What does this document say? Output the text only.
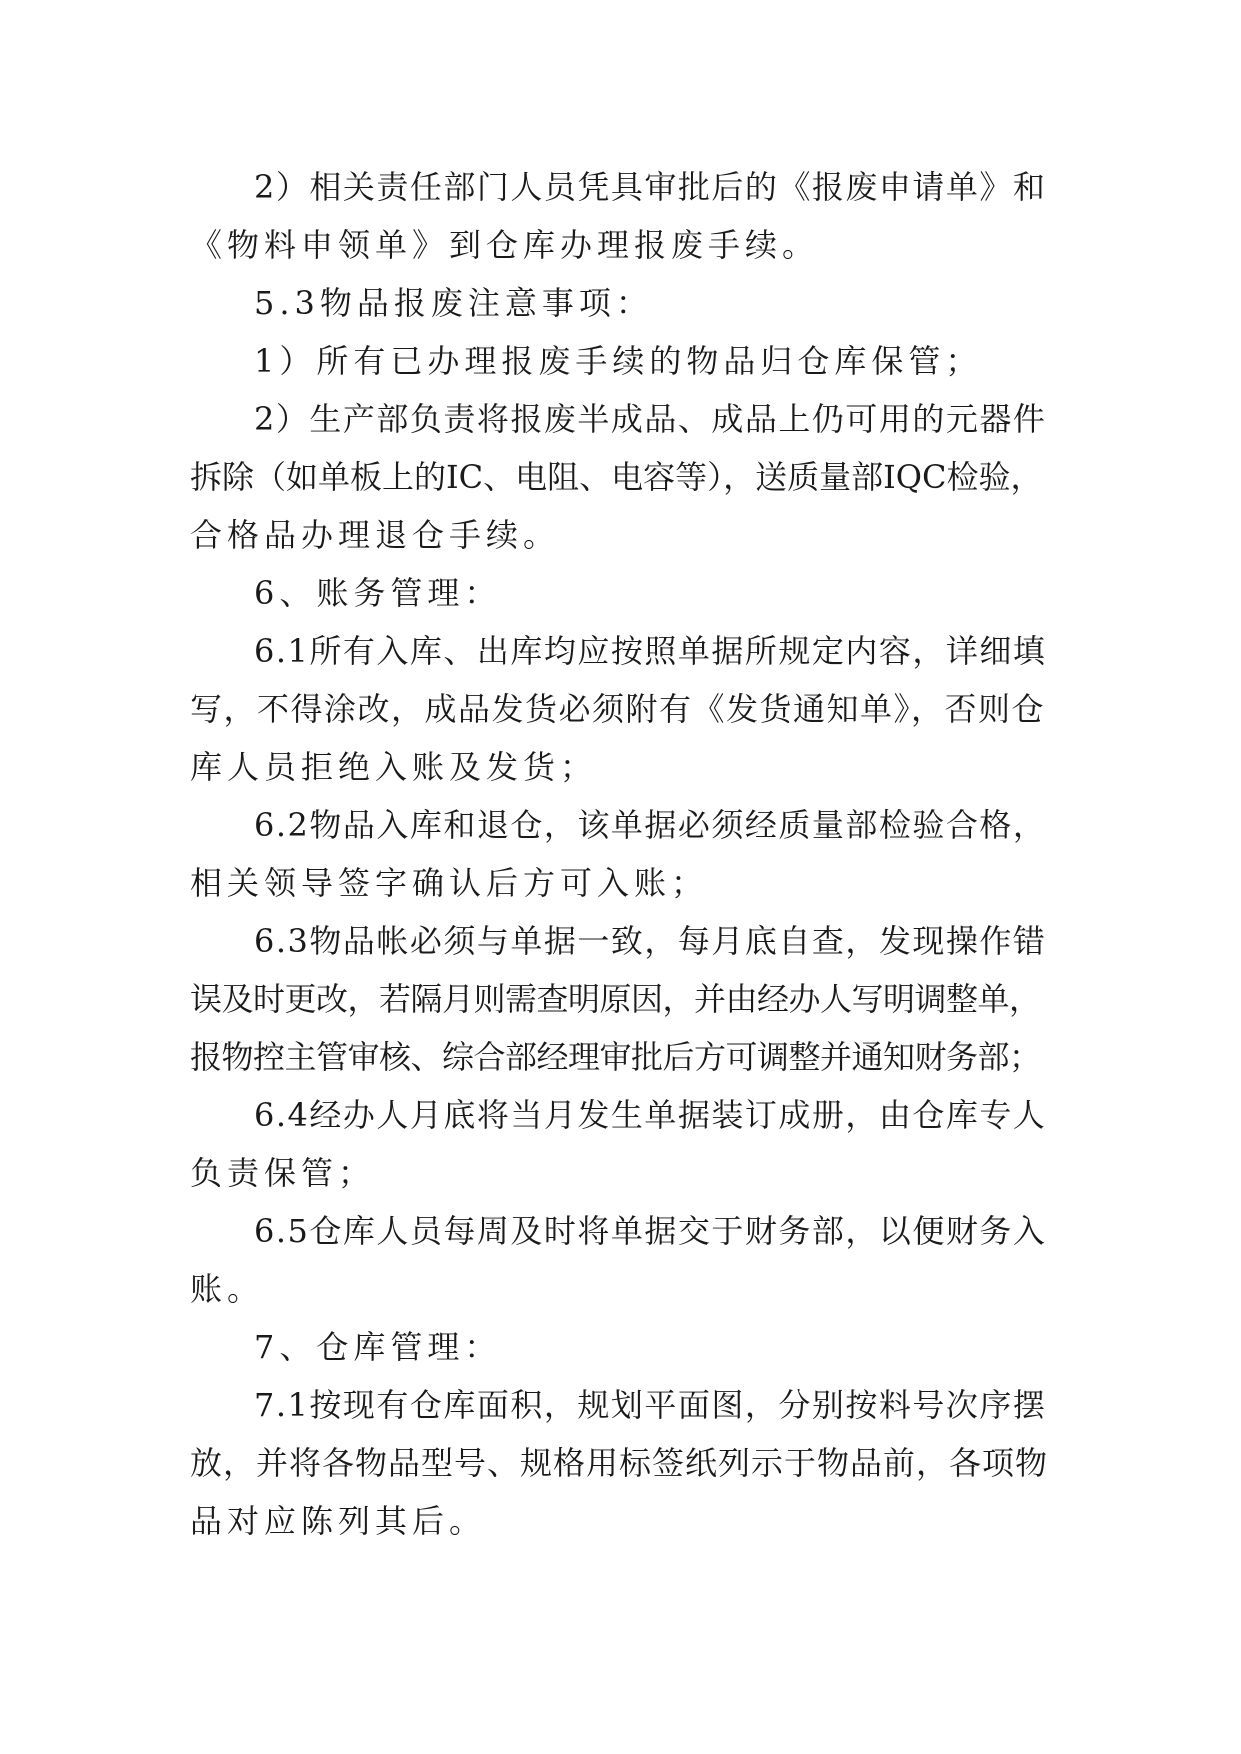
2）相关责任部门人员凭具审批后的《报废申请单》和
《物料申领单》到仓库办理报废手续。
5.3物品报废注意事项：
1）所有已办理报废手续的物品归仓库保管；
2）生产部负责将报废半成品、成品上仍可用的元器件
拆除（如单板上的IC、电阻、电容等），送质量部IQC检验，
合格品办理退仓手续。
6、账务管理：
6.1所有入库、出库均应按照单据所规定内容，详细填
写，不得涂改，成品发货必须附有《发货通知单》，否则仓
库人员拒绝入账及发货；
6.2物品入库和退仓，该单据必须经质量部检验合格，
相关领导签字确认后方可入账；
6.3物品帐必须与单据一致，每月底自查，发现操作错
误及时更改，若隔月则需查明原因，并由经办人写明调整单，
报物控主管审核、综合部经理审批后方可调整并通知财务部；
6.4经办人月底将当月发生单据装订成册，由仓库专人
负责保管；
6.5仓库人员每周及时将单据交于财务部，以便财务入
账。
7、仓库管理：
7.1按现有仓库面积，规划平面图，分别按料号次序摆
放，并将各物品型号、规格用标签纸列示于物品前，各项物
品对应陈列其后。
